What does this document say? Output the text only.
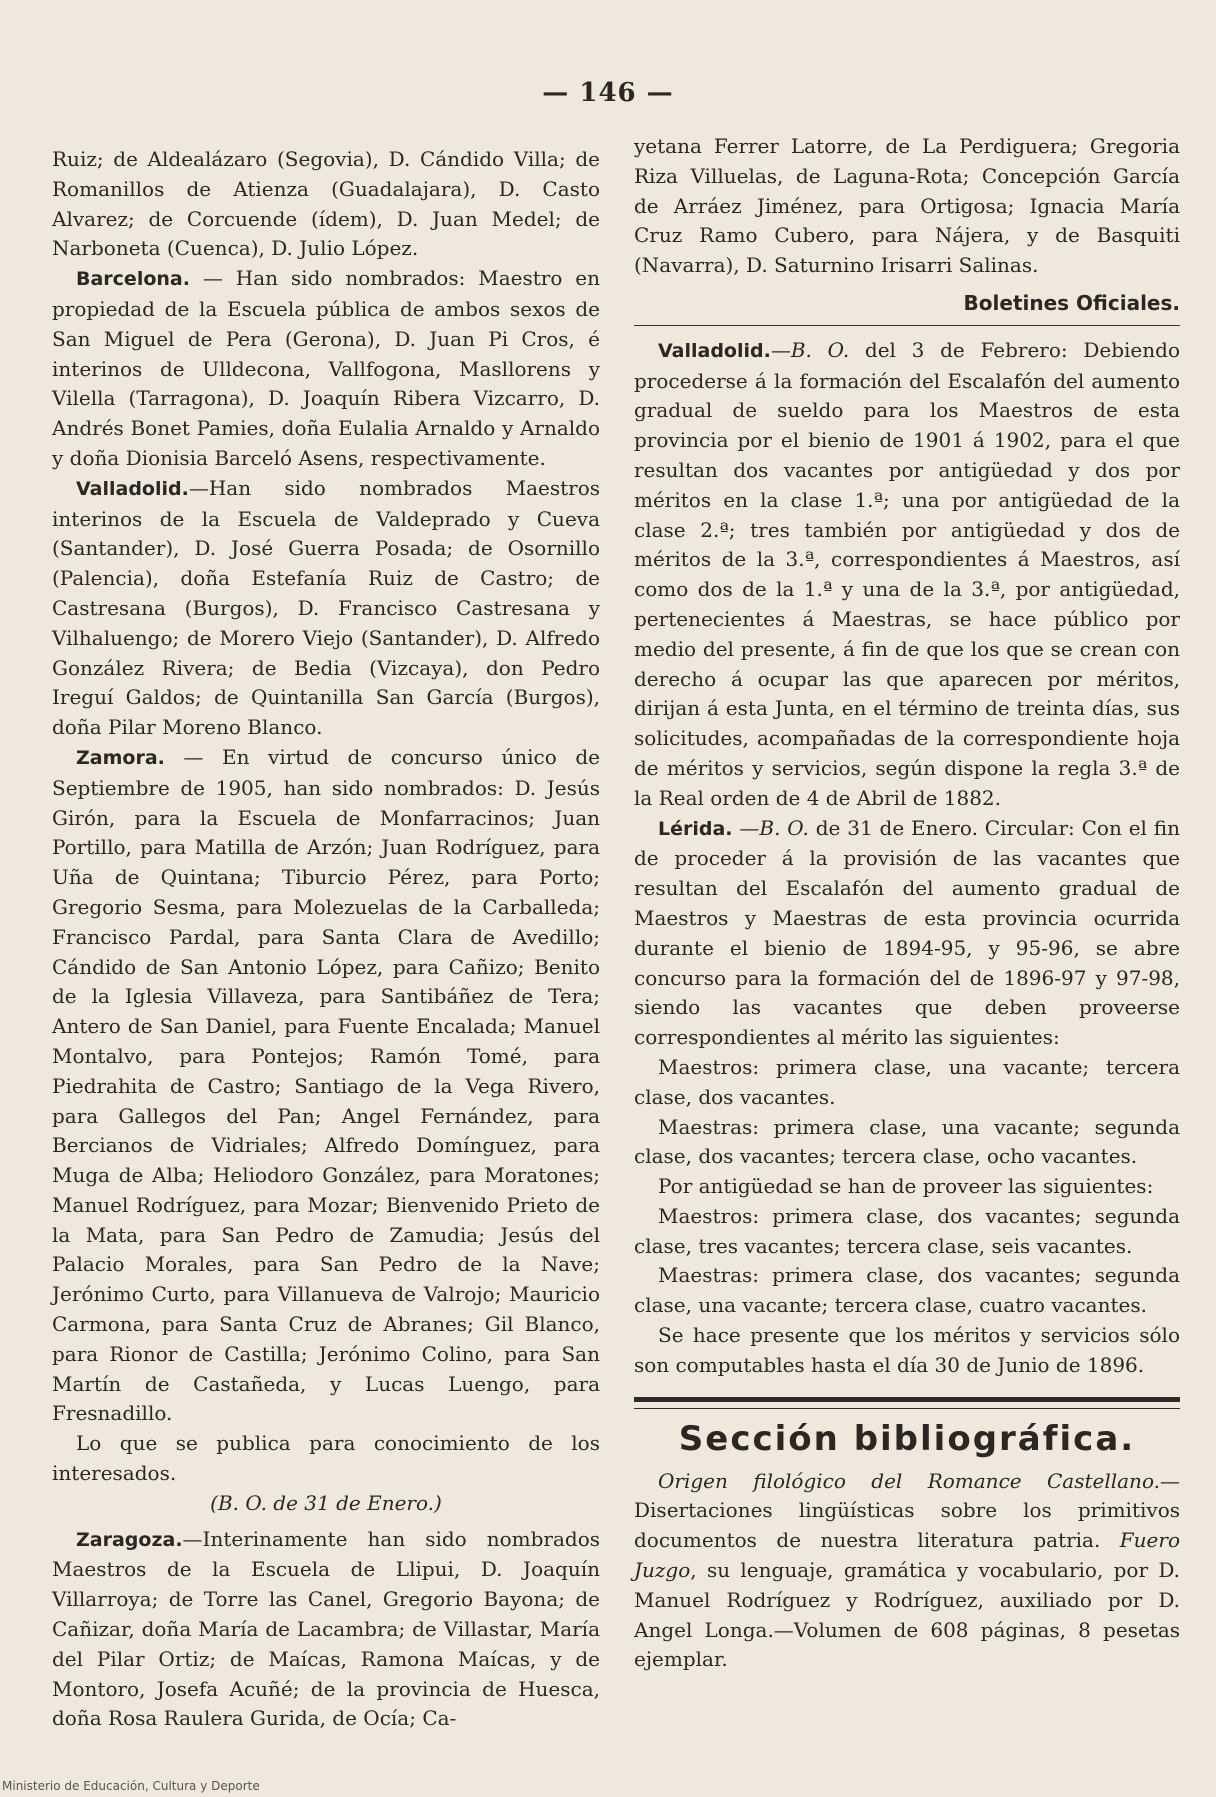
— 146 —

Ruiz; de Aldealázaro (Segovia), D. Cándido Villa; de Romanillos de Atienza (Guadalajara), D. Casto Alvarez; de Corcuende (ídem), D. Juan Medel; de Narboneta (Cuenca), D. Julio López.

Barcelona. — Han sido nombrados: Maestro en propiedad de la Escuela pública de ambos sexos de San Miguel de Pera (Gerona), D. Juan Pi Cros, é interinos de Ulldecona, Vallfogona, Masllorens y Vilella (Tarragona), D. Joaquín Ribera Vizcarro, D. Andrés Bonet Pamies, doña Eulalia Arnaldo y Arnaldo y doña Dionisia Barceló Asens, respectivamente.

Valladolid.—Han sido nombrados Maestros interinos de la Escuela de Valdeprado y Cueva (Santander), D. José Guerra Posada; de Osornillo (Palencia), doña Estefanía Ruiz de Castro; de Castresana (Burgos), D. Francisco Castresana y Vilhaluengo; de Morero Viejo (Santander), D. Alfredo González Rivera; de Bedia (Vizcaya), don Pedro Ireguí Galdos; de Quintanilla San García (Burgos), doña Pilar Moreno Blanco.

Zamora. — En virtud de concurso único de Septiembre de 1905, han sido nombrados: D. Jesús Girón, para la Escuela de Monfarracinos; Juan Portillo, para Matilla de Arzón; Juan Rodríguez, para Uña de Quintana; Tiburcio Pérez, para Porto; Gregorio Sesma, para Molezuelas de la Carballeda; Francisco Pardal, para Santa Clara de Avedillo; Cándido de San Antonio López, para Cañizo; Benito de la Iglesia Villaveza, para Santibáñez de Tera; Antero de San Daniel, para Fuente Encalada; Manuel Montalvo, para Pontejos; Ramón Tomé, para Piedrahita de Castro; Santiago de la Vega Rivero, para Gallegos del Pan; Angel Fernández, para Bercianos de Vidriales; Alfredo Domínguez, para Muga de Alba; Heliodoro González, para Moratones; Manuel Rodríguez, para Mozar; Bienvenido Prieto de la Mata, para San Pedro de Zamudia; Jesús del Palacio Morales, para San Pedro de la Nave; Jerónimo Curto, para Villanueva de Valrojo; Mauricio Carmona, para Santa Cruz de Abranes; Gil Blanco, para Rionor de Castilla; Jerónimo Colino, para San Martín de Castañeda, y Lucas Luengo, para Fresnadillo.

Lo que se publica para conocimiento de los interesados.

(B. O. de 31 de Enero.)

Zaragoza.—Interinamente han sido nombrados Maestros de la Escuela de Llipui, D. Joaquín Villarroya; de Torre las Canel, Gregorio Bayona; de Cañizar, doña María de Lacambra; de Villastar, María del Pilar Ortiz; de Maícas, Ramona Maícas, y de Montoro, Josefa Acuñé; de la provincia de Huesca, doña Rosa Raulera Gurida, de Ocía; Ca-

yetana Ferrer Latorre, de La Perdiguera; Gregoria Riza Villuelas, de Laguna-Rota; Concepción García de Arráez Jiménez, para Ortigosa; Ignacia María Cruz Ramo Cubero, para Nájera, y de Basquiti (Navarra), D. Saturnino Irisarri Salinas.

Boletines Oficiales.

Valladolid.—B. O. del 3 de Febrero: Debiendo procederse á la formación del Escalafón del aumento gradual de sueldo para los Maestros de esta provincia por el bienio de 1901 á 1902, para el que resultan dos vacantes por antigüedad y dos por méritos en la clase 1.ª; una por antigüedad de la clase 2.ª; tres también por antigüedad y dos de méritos de la 3.ª, correspondientes á Maestros, así como dos de la 1.ª y una de la 3.ª, por antigüedad, pertenecientes á Maestras, se hace público por medio del presente, á fin de que los que se crean con derecho á ocupar las que aparecen por méritos, dirijan á esta Junta, en el término de treinta días, sus solicitudes, acompañadas de la correspondiente hoja de méritos y servicios, según dispone la regla 3.ª de la Real orden de 4 de Abril de 1882.

Lérida. —B. O. de 31 de Enero. Circular: Con el fin de proceder á la provisión de las vacantes que resultan del Escalafón del aumento gradual de Maestros y Maestras de esta provincia ocurrida durante el bienio de 1894-95, y 95-96, se abre concurso para la formación del de 1896-97 y 97-98, siendo las vacantes que deben proveerse correspondientes al mérito las siguientes:

Maestros: primera clase, una vacante; tercera clase, dos vacantes.

Maestras: primera clase, una vacante; segunda clase, dos vacantes; tercera clase, ocho vacantes.

Por antigüedad se han de proveer las siguientes:

Maestros: primera clase, dos vacantes; segunda clase, tres vacantes; tercera clase, seis vacantes.

Maestras: primera clase, dos vacantes; segunda clase, una vacante; tercera clase, cuatro vacantes.

Se hace presente que los méritos y servicios sólo son computables hasta el día 30 de Junio de 1896.

Sección bibliográfica.

Origen filológico del Romance Castellano.—Disertaciones lingüísticas sobre los primitivos documentos de nuestra literatura patria. Fuero Juzgo, su lenguaje, gramática y vocabulario, por D. Manuel Rodríguez y Rodríguez, auxiliado por D. Angel Longa.—Volumen de 608 páginas, 8 pesetas ejemplar.

Ministerio de Educación, Cultura y Deporte
